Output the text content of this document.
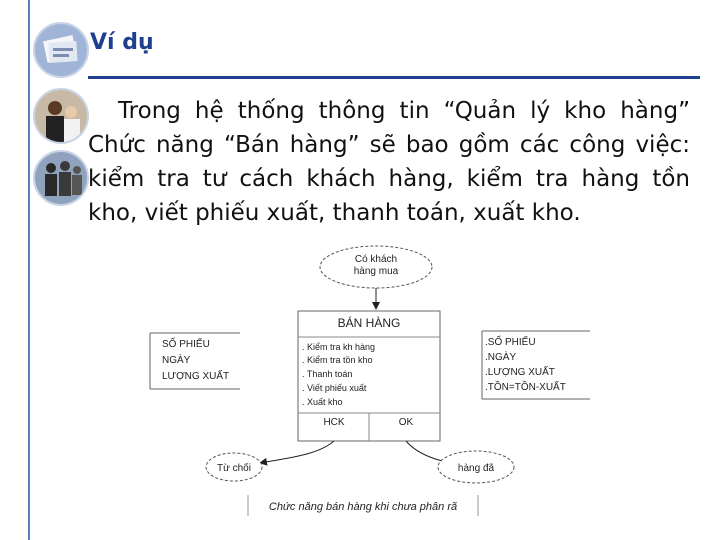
Ví dụ
Trong hệ thống thông tin “Quản lý kho hàng” Chức năng “Bán hàng” sẽ bao gồm các công việc: kiểm tra tư cách khách hàng, kiểm tra hàng tồn kho, viết phiếu xuất, thanh toán, xuất kho.
Có khách
hàng mua
BÁN HÀNG
. Kiểm tra kh hàng
. Kiểm tra tồn kho
. Thanh toán
. Viết phiếu xuất
. Xuất kho
HCK	OK
SỐ PHIẾU
NGÀY
LƯỢNG XUẤT
.SỐ PHIẾU
.NGÀY
.LƯỢNG XUẤT
.TỒN=TỒN-XUẤT
Từ chối	hàng đã
Chức năng bán hàng khi chưa phân rã
